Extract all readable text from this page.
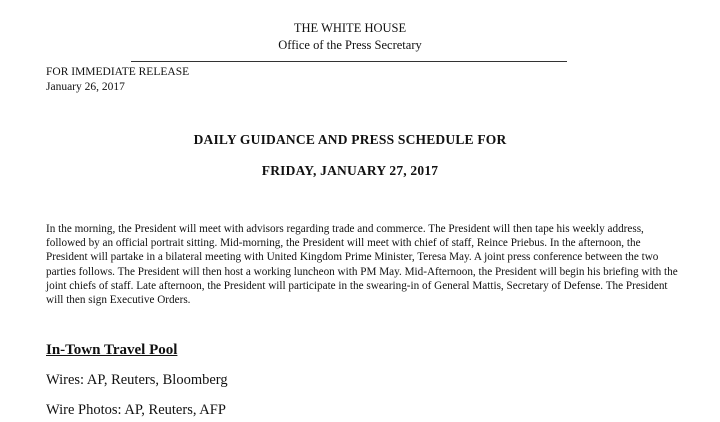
THE WHITE HOUSE
Office of the Press Secretary
FOR IMMEDIATE RELEASE
January 26, 2017
DAILY GUIDANCE AND PRESS SCHEDULE FOR
FRIDAY, JANUARY 27, 2017
In the morning, the President will meet with advisors regarding trade and commerce. The President will then tape his weekly address, followed by an official portrait sitting. Mid-morning, the President will meet with chief of staff, Reince Priebus. In the afternoon, the President will partake in a bilateral meeting with United Kingdom Prime Minister, Teresa May. A joint press conference between the two parties follows. The President will then host a working luncheon with PM May. Mid-Afternoon, the President will begin his briefing with the joint chiefs of staff. Late afternoon, the President will participate in the swearing-in of General Mattis, Secretary of Defense. The President will then sign Executive Orders.
In-Town Travel Pool
Wires: AP, Reuters, Bloomberg
Wire Photos: AP, Reuters, AFP
